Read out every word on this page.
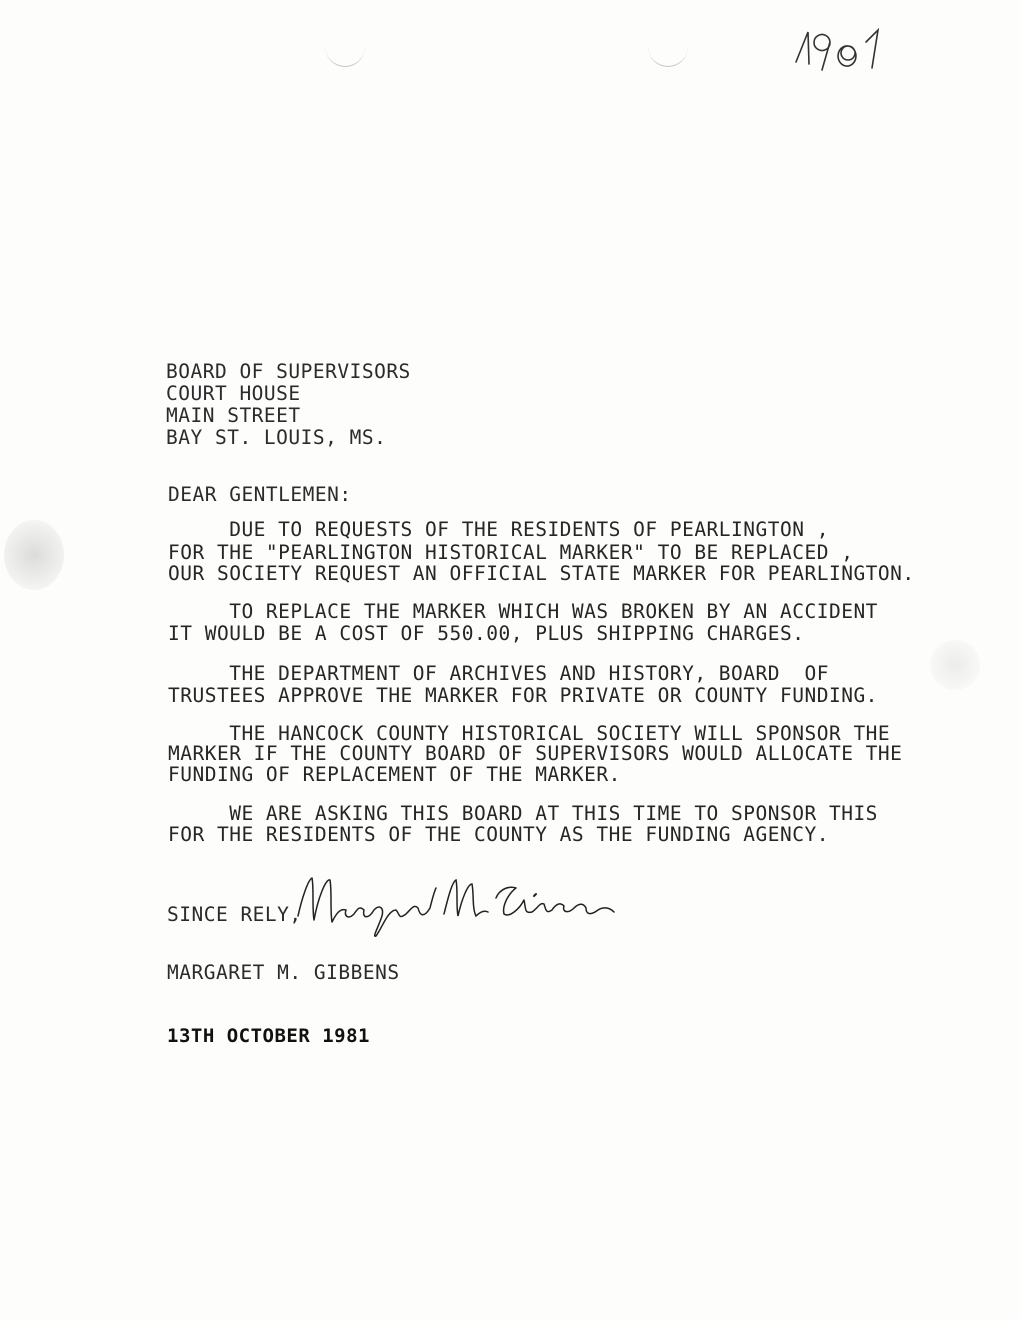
BOARD OF SUPERVISORS
COURT HOUSE
MAIN STREET
BAY ST. LOUIS, MS.
DEAR GENTLEMEN:
DUE TO REQUESTS OF THE RESIDENTS OF PEARLINGTON ,
FOR THE "PEARLINGTON HISTORICAL MARKER" TO BE REPLACED ,
OUR SOCIETY REQUEST AN OFFICIAL STATE MARKER FOR PEARLINGTON.
TO REPLACE THE MARKER WHICH WAS BROKEN BY AN ACCIDENT
IT WOULD BE A COST OF 550.00, PLUS SHIPPING CHARGES.
THE DEPARTMENT OF ARCHIVES AND HISTORY, BOARD  OF
TRUSTEES APPROVE THE MARKER FOR PRIVATE OR COUNTY FUNDING.
THE HANCOCK COUNTY HISTORICAL SOCIETY WILL SPONSOR THE
MARKER IF THE COUNTY BOARD OF SUPERVISORS WOULD ALLOCATE THE
FUNDING OF REPLACEMENT OF THE MARKER.
WE ARE ASKING THIS BOARD AT THIS TIME TO SPONSOR THIS
FOR THE RESIDENTS OF THE COUNTY AS THE FUNDING AGENCY.
SINCE RELY,
MARGARET M. GIBBENS
13TH OCTOBER 1981
